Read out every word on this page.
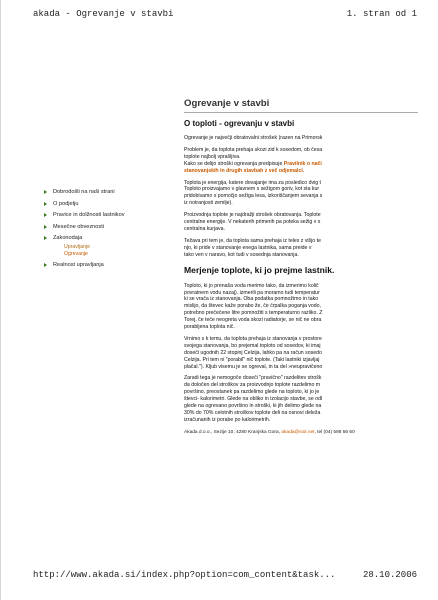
akada - Ogrevanje v stavbi	1. stran od 1
Dobrodošli na naši strani
O podjetju
Pravice in dolžnosti lastnikov
Mesečne obveznosti
Zakonodaja
Upravljanje
Ogrevanje
Realnost upravljanja
Ogrevanje v stavbi
O toploti - ogrevanju v stavbi

Ogrevanje je največji obratovalni strošek (razen na Primorsk

Problem je, da toplota prehaja skozi zid k sosedom, ob česa
toplote najbolj vprašljiva.

Kako se delijo stroški ogrevanja predpisuje Pravilnik o nači
stanovanjskih in drugih stavbah z več odjemalci.

Toplota je energija, katere dovajanje ima za posledico dvig t
Toploto proizvajamo v glavnem s sežigom goriv, kot sta kur
pridobivamo s pomočjo sežiga lesa, izkoriščanjem sevanja s
iz notranjosti zemlje).

Proizvodnja toplote je najdražji strošek obratovanja. Toplote
centralne energije. V nekaterih primerih pa poteka sežig v s
centralna kurjava.

Težava pri tem je, da toplota sama prehaja iz teles z višjo te
njo, ki pride v stanovanje enega lastnika, sama preide v
tako ven v naravo, kot tudi v sosednja stanovanja.

Merjenje toplote, ki jo prejme lastnik.

Toploto, ki jo prenaša voda merimo tako, da izmerimo količ
povratnem vodu nazaj). izmerili pa moramo tudi temperatur
ki se vrača iz stanovanja. Oba podatka pomnožimo in tako
mislijo, da števec kaže porabo že, če črpalka poganja vodo,
potrebno prečečene litre pomnožiti s temperaturno razliko. Z
Torej, če teče neogreta voda skozi radiatorje, se nič ne obra
porabljena toplota nič.

Vrnimo s k temu, da toplota prehaja iz stanovanja v prostore
svojega stanovanja, bo prejemal toploto od sosedov, ki imaj
doseči ugodnih 22 stopinj Celzija, lahko pa na račun sosedo
Celzija. Pri tem ni "porabil" nič toplote. (Taki lastniki izjavljaj
plačal."). Kljub visemu je se ogreval, in ta del »neupravičeno

Zaradi tega je nemogoče doseči "pravično" razdelitev strošk
da določen del stroškov za proizvodnjo toplote razdelimo m
površino, preostanek pa razdelimo glede na toploto, ki jo je
števci- kalorimetri. Glede na obliko in izolacijo stavbe, se odl
glede na ogrevano površino in stroški, ki jih delimo glede na
30% do 70% celotnih stroškov toplote deli na osnovi deleža
izračunanih iz porabe po kalorimetrih.

Akada d.o.o., Sezije 10, 4280 Kranjska Gora, akada@siol.net, tel (04) 588 56 60
http://www.akada.si/index.php?option=com_content&task...	28.10.2006
